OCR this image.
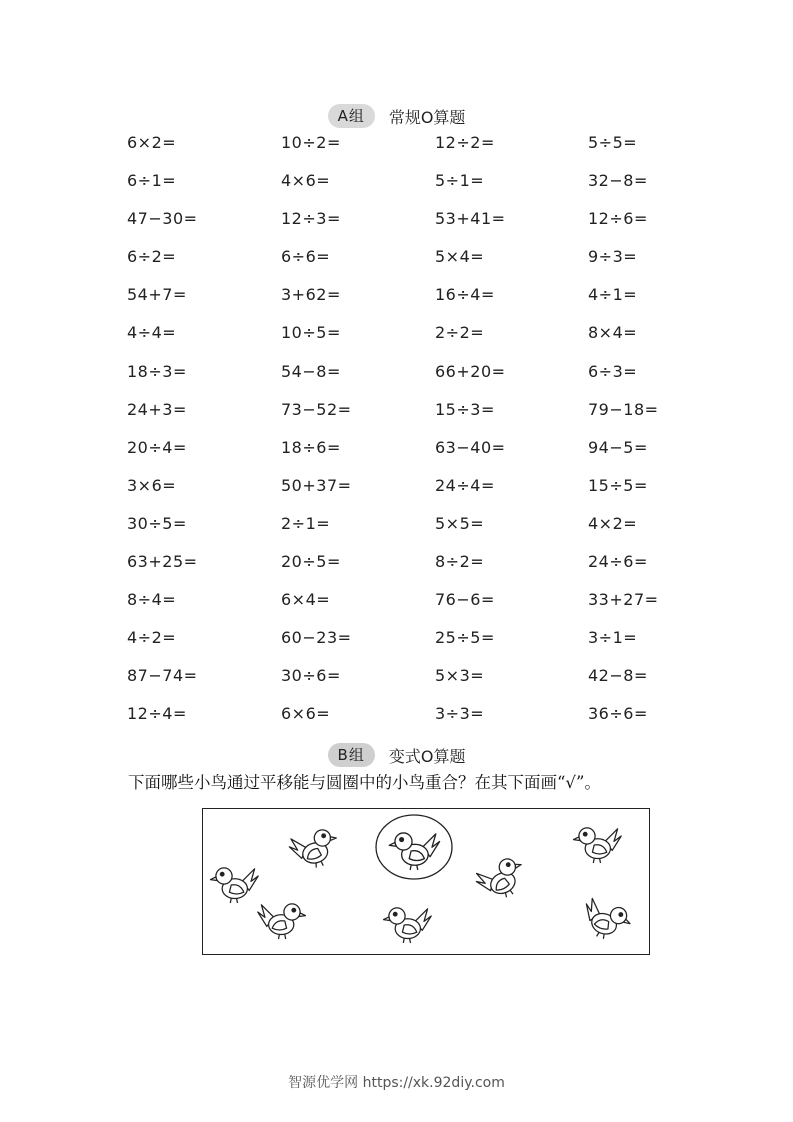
A组	常规O算题
6×2=	10÷2=	12÷2=	5÷5=
6÷1=	4×6=	5÷1=	32−8=
47−30=	12÷3=	53+41=	12÷6=
6÷2=	6÷6=	5×4=	9÷3=
54+7=	3+62=	16÷4=	4÷1=
4÷4=	10÷5=	2÷2=	8×4=
18÷3=	54−8=	66+20=	6÷3=
24+3=	73−52=	15÷3=	79−18=
20÷4=	18÷6=	63−40=	94−5=
3×6=	50+37=	24÷4=	15÷5=
30÷5=	2÷1=	5×5=	4×2=
63+25=	20÷5=	8÷2=	24÷6=
8÷4=	6×4=	76−6=	33+27=
4÷2=	60−23=	25÷5=	3÷1=
87−74=	30÷6=	5×3=	42−8=
12÷4=	6×6=	3÷3=	36÷6=
B组	变式O算题
下面哪些小鸟通过平移能与圆圈中的小鸟重合？在其下面画“√”。
智源优学网 https://xk.92diy.com
